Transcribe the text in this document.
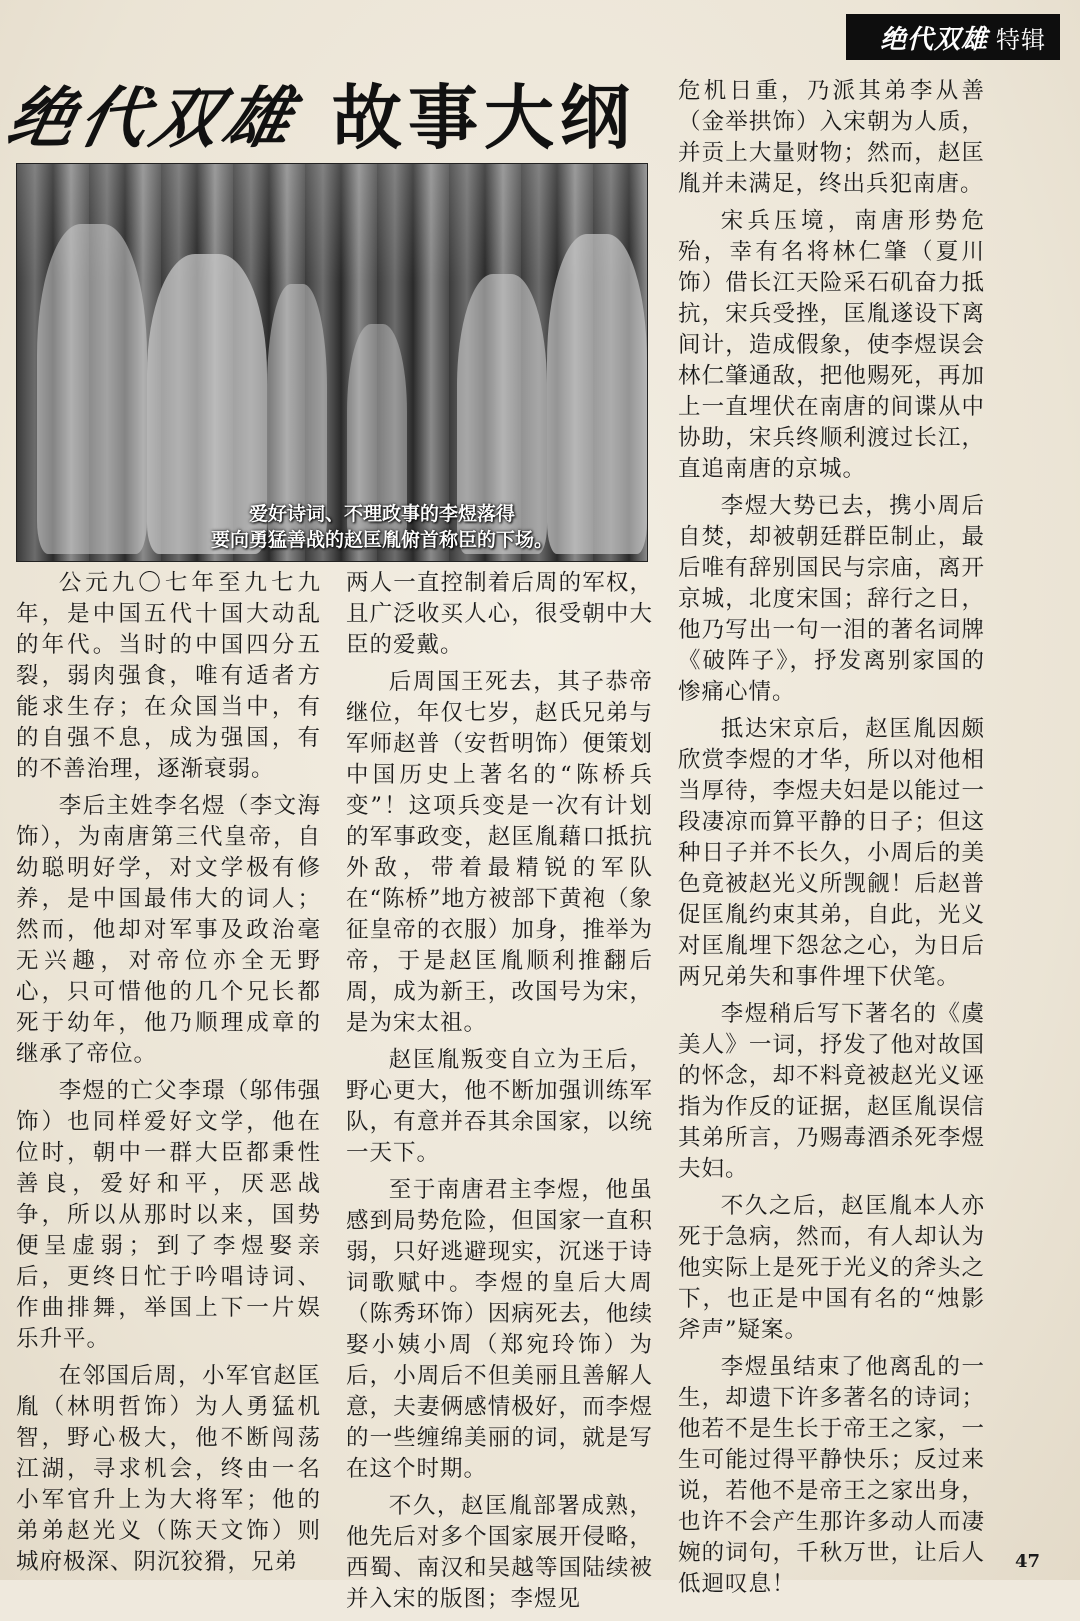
绝代双雄 特辑
绝代双雄 故事大纲
爱好诗词、不理政事的李煜落得
要向勇猛善战的赵匡胤俯首称臣的下场。

公元九〇七年至九七九年，是中国五代十国大动乱的年代。当时的中国四分五裂，弱肉强食，唯有适者方能求生存；在众国当中，有的自强不息，成为强国，有的不善治理，逐渐衰弱。

李后主姓李名煜（李文海饰），为南唐第三代皇帝，自幼聪明好学，对文学极有修养，是中国最伟大的词人；然而，他却对军事及政治毫无兴趣，对帝位亦全无野心，只可惜他的几个兄长都死于幼年，他乃顺理成章的继承了帝位。

李煜的亡父李璟（邬伟强饰）也同样爱好文学，他在位时，朝中一群大臣都秉性善良，爱好和平，厌恶战争，所以从那时以来，国势便呈虚弱；到了李煜娶亲后，更终日忙于吟唱诗词、作曲排舞，举国上下一片娱乐升平。

在邻国后周，小军官赵匡胤（林明哲饰）为人勇猛机智，野心极大，他不断闯荡江湖，寻求机会，终由一名小军官升上为大将军；他的弟弟赵光义（陈天文饰）则城府极深、阴沉狡猾，兄弟

两人一直控制着后周的军权，且广泛收买人心，很受朝中大臣的爱戴。

后周国王死去，其子恭帝继位，年仅七岁，赵氏兄弟与军师赵普（安哲明饰）便策划中国历史上著名的“陈桥兵变”！这项兵变是一次有计划的军事政变，赵匡胤藉口抵抗外敌，带着最精锐的军队在“陈桥”地方被部下黄袍（象征皇帝的衣服）加身，推举为帝，于是赵匡胤顺利推翻后周，成为新王，改国号为宋，是为宋太祖。

赵匡胤叛变自立为王后，野心更大，他不断加强训练军队，有意并吞其余国家，以统一天下。

至于南唐君主李煜，他虽感到局势危险，但国家一直积弱，只好逃避现实，沉迷于诗词歌赋中。李煜的皇后大周（陈秀环饰）因病死去，他续娶小姨小周（郑宛玲饰）为后，小周后不但美丽且善解人意，夫妻俩感情极好，而李煜的一些缠绵美丽的词，就是写在这个时期。

不久，赵匡胤部署成熟，他先后对多个国家展开侵略，西蜀、南汉和吴越等国陆续被并入宋的版图；李煜见

危机日重，乃派其弟李从善（金举拱饰）入宋朝为人质，并贡上大量财物；然而，赵匡胤并未满足，终出兵犯南唐。

宋兵压境，南唐形势危殆，幸有名将林仁肇（夏川饰）借长江天险采石矶奋力抵抗，宋兵受挫，匡胤遂设下离间计，造成假象，使李煜误会林仁肇通敌，把他赐死，再加上一直埋伏在南唐的间谍从中协助，宋兵终顺利渡过长江，直追南唐的京城。

李煜大势已去，携小周后自焚，却被朝廷群臣制止，最后唯有辞别国民与宗庙，离开京城，北度宋国；辞行之日，他乃写出一句一泪的著名词牌《破阵子》，抒发离别家国的惨痛心情。

抵达宋京后，赵匡胤因颇欣赏李煜的才华，所以对他相当厚待，李煜夫妇是以能过一段凄凉而算平静的日子；但这种日子并不长久，小周后的美色竟被赵光义所觊觎！后赵普促匡胤约束其弟，自此，光义对匡胤埋下怨忿之心，为日后两兄弟失和事件埋下伏笔。

李煜稍后写下著名的《虞美人》一词，抒发了他对故国的怀念，却不料竟被赵光义诬指为作反的证据，赵匡胤误信其弟所言，乃赐毒酒杀死李煜夫妇。

不久之后，赵匡胤本人亦死于急病，然而，有人却认为他实际上是死于光义的斧头之下，也正是中国有名的“烛影斧声”疑案。

李煜虽结束了他离乱的一生，却遗下许多著名的诗词；他若不是生长于帝王之家，一生可能过得平静快乐；反过来说，若他不是帝王之家出身，也许不会产生那许多动人而凄婉的词句，千秋万世，让后人低迴叹息！

47
